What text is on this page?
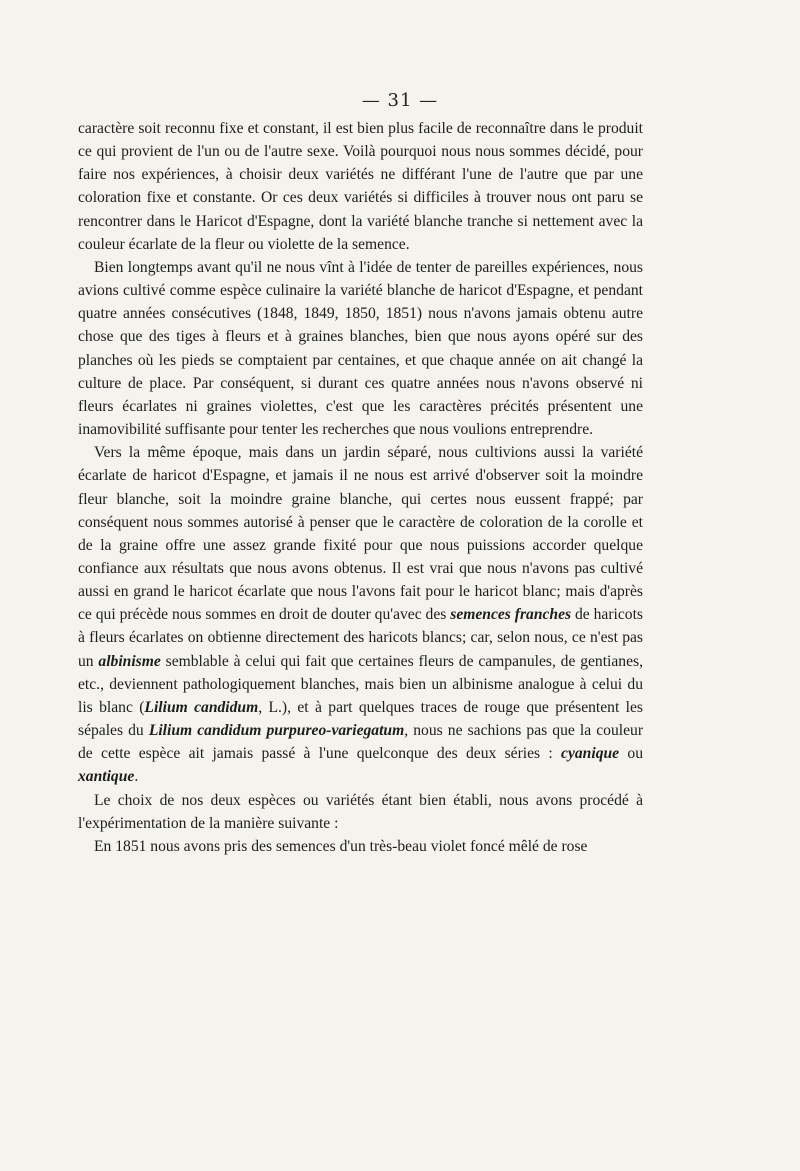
— 31 —

caractère soit reconnu fixe et constant, il est bien plus facile de reconnaître dans le produit ce qui provient de l'un ou de l'autre sexe. Voilà pourquoi nous nous sommes décidé, pour faire nos expériences, à choisir deux variétés ne différant l'une de l'autre que par une coloration fixe et constante. Or ces deux variétés si difficiles à trouver nous ont paru se rencontrer dans le Haricot d'Espagne, dont la variété blanche tranche si nettement avec la couleur écarlate de la fleur ou violette de la semence.

Bien longtemps avant qu'il ne nous vînt à l'idée de tenter de pareilles expériences, nous avions cultivé comme espèce culinaire la variété blanche de haricot d'Espagne, et pendant quatre années consécutives (1848, 1849, 1850, 1851) nous n'avons jamais obtenu autre chose que des tiges à fleurs et à graines blanches, bien que nous ayons opéré sur des planches où les pieds se comptaient par centaines, et que chaque année on ait changé la culture de place. Par conséquent, si durant ces quatre années nous n'avons observé ni fleurs écarlates ni graines violettes, c'est que les caractères précités présentent une inamovibilité suffisante pour tenter les recherches que nous voulions entreprendre.

Vers la même époque, mais dans un jardin séparé, nous cultivions aussi la variété écarlate de haricot d'Espagne, et jamais il ne nous est arrivé d'observer soit la moindre fleur blanche, soit la moindre graine blanche, qui certes nous eussent frappé; par conséquent nous sommes autorisé à penser que le caractère de coloration de la corolle et de la graine offre une assez grande fixité pour que nous puissions accorder quelque confiance aux résultats que nous avons obtenus. Il est vrai que nous n'avons pas cultivé aussi en grand le haricot écarlate que nous l'avons fait pour le haricot blanc; mais d'après ce qui précède nous sommes en droit de douter qu'avec des semences franches de haricots à fleurs écarlates on obtienne directement des haricots blancs; car, selon nous, ce n'est pas un albinisme semblable à celui qui fait que certaines fleurs de campanules, de gentianes, etc., deviennent pathologiquement blanches, mais bien un albinisme analogue à celui du lis blanc (Lilium candidum, L.), et à part quelques traces de rouge que présentent les sépales du Lilium candidum purpureo-variegatum, nous ne sachions pas que la couleur de cette espèce ait jamais passé à l'une quelconque des deux séries : cyanique ou xantique.

Le choix de nos deux espèces ou variétés étant bien établi, nous avons procédé à l'expérimentation de la manière suivante :

En 1851 nous avons pris des semences d'un très-beau violet foncé mêlé de rose
